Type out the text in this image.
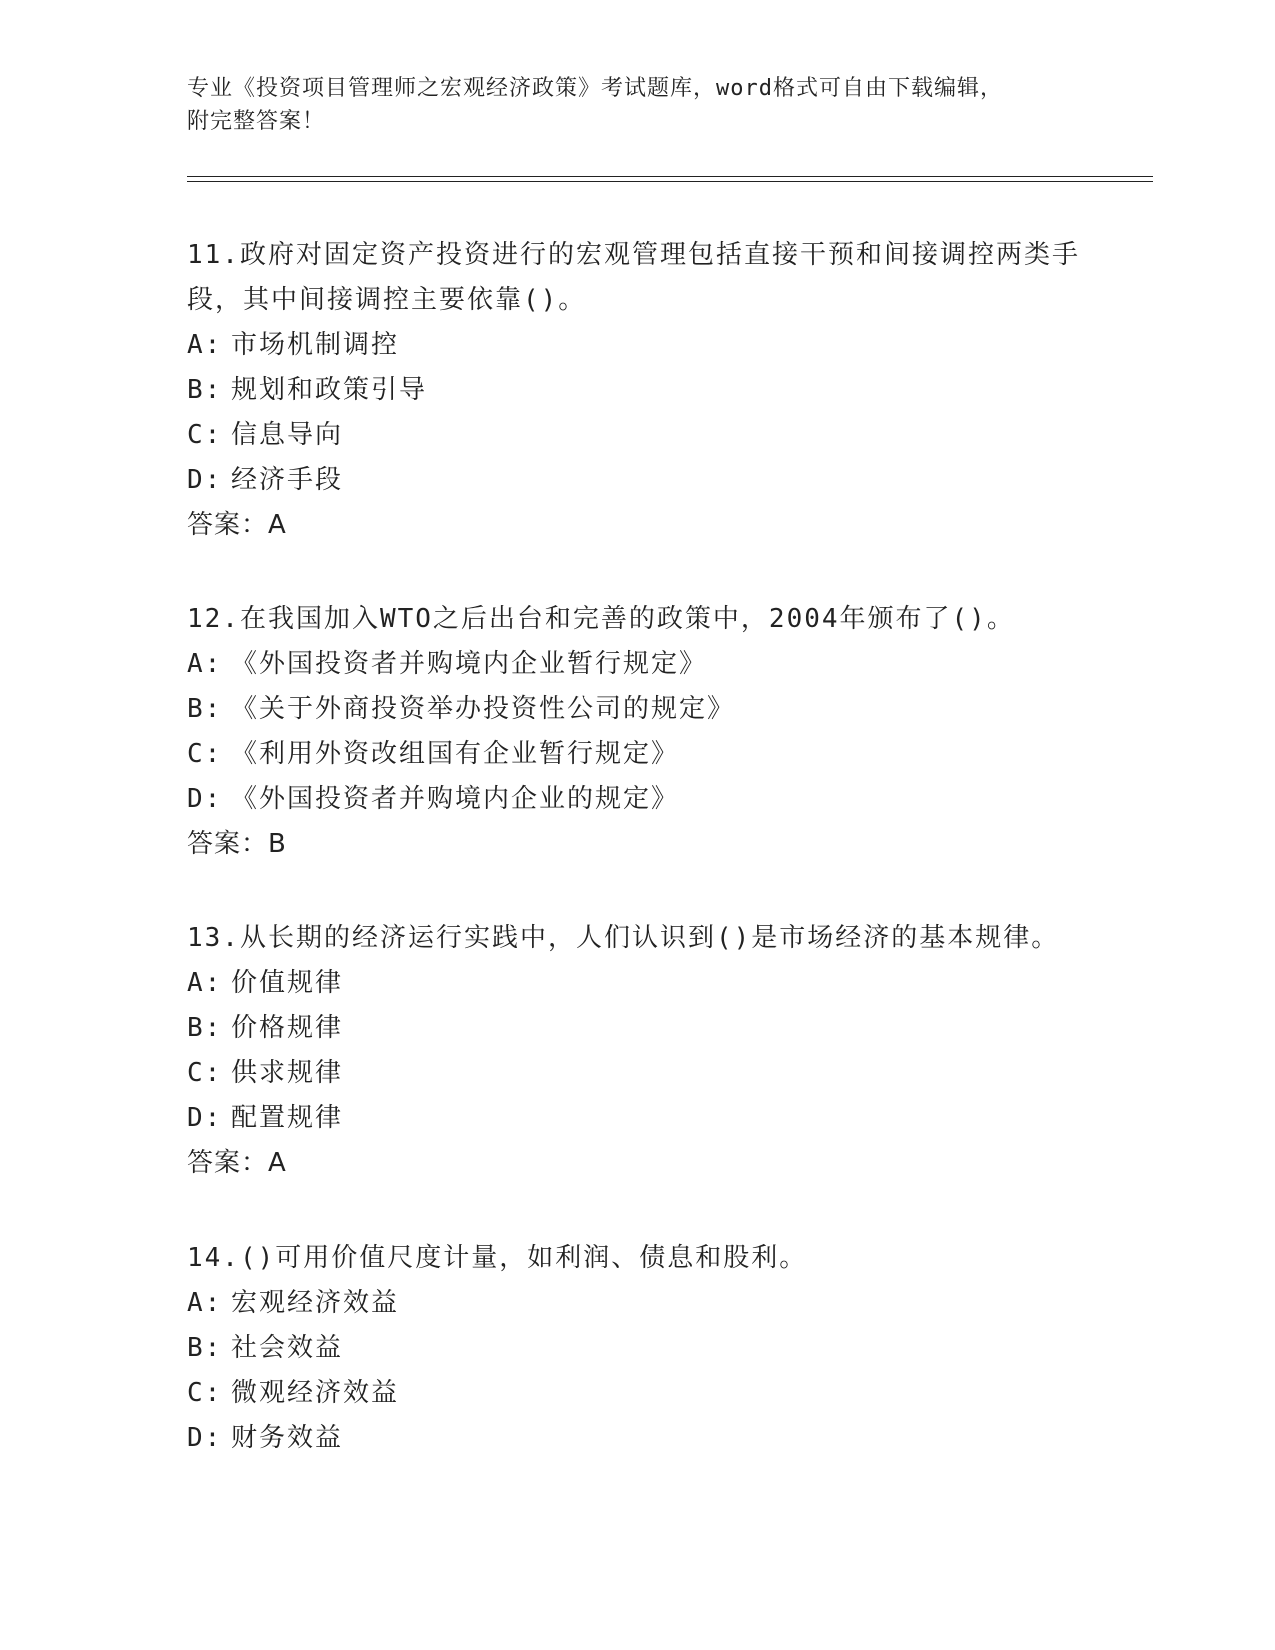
专业《投资项目管理师之宏观经济政策》考试题库，word格式可自由下载编辑，
附完整答案！

11.政府对固定资产投资进行的宏观管理包括直接干预和间接调控两类手段，其中间接调控主要依靠()。

A: 市场机制调控

B: 规划和政策引导

C: 信息导向

D: 经济手段

答案：A

12.在我国加入WTO之后出台和完善的政策中，2004年颁布了()。

A: 《外国投资者并购境内企业暂行规定》

B: 《关于外商投资举办投资性公司的规定》

C: 《利用外资改组国有企业暂行规定》

D: 《外国投资者并购境内企业的规定》

答案：B

13.从长期的经济运行实践中，人们认识到()是市场经济的基本规律。

A: 价值规律

B: 价格规律

C: 供求规律

D: 配置规律

答案：A

14.()可用价值尺度计量，如利润、债息和股利。

A: 宏观经济效益

B: 社会效益

C: 微观经济效益

D: 财务效益
